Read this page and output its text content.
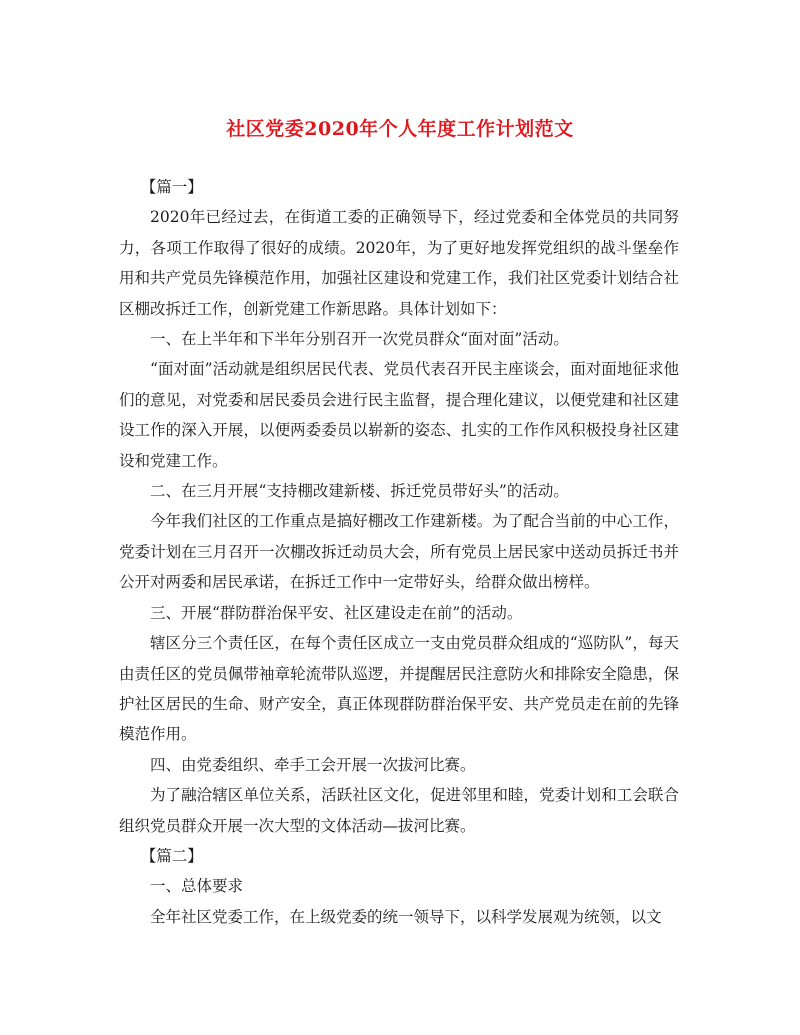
社区党委2020年个人年度工作计划范文

【篇一】

2020年已经过去，在街道工委的正确领导下，经过党委和全体党员的共同努力，各项工作取得了很好的成绩。2020年，为了更好地发挥党组织的战斗堡垒作用和共产党员先锋模范作用，加强社区建设和党建工作，我们社区党委计划结合社区棚改拆迁工作，创新党建工作新思路。具体计划如下：

一、在上半年和下半年分别召开一次党员群众“面对面”活动。

“面对面”活动就是组织居民代表、党员代表召开民主座谈会，面对面地征求他们的意见，对党委和居民委员会进行民主监督，提合理化建议，以便党建和社区建设工作的深入开展，以便两委委员以崭新的姿态、扎实的工作作风积极投身社区建设和党建工作。

二、在三月开展“支持棚改建新楼、拆迁党员带好头”的活动。

今年我们社区的工作重点是搞好棚改工作建新楼。为了配合当前的中心工作，党委计划在三月召开一次棚改拆迁动员大会，所有党员上居民家中送动员拆迁书并公开对两委和居民承诺，在拆迁工作中一定带好头，给群众做出榜样。

三、开展“群防群治保平安、社区建设走在前”的活动。

辖区分三个责任区，在每个责任区成立一支由党员群众组成的“巡防队”，每天由责任区的党员佩带袖章轮流带队巡逻，并提醒居民注意防火和排除安全隐患，保护社区居民的生命、财产安全，真正体现群防群治保平安、共产党员走在前的先锋模范作用。

四、由党委组织、牵手工会开展一次拔河比赛。

为了融洽辖区单位关系，活跃社区文化，促进邻里和睦，党委计划和工会联合组织党员群众开展一次大型的文体活动—拔河比赛。

【篇二】

一、总体要求

全年社区党委工作，在上级党委的统一领导下，以科学发展观为统领，以文
